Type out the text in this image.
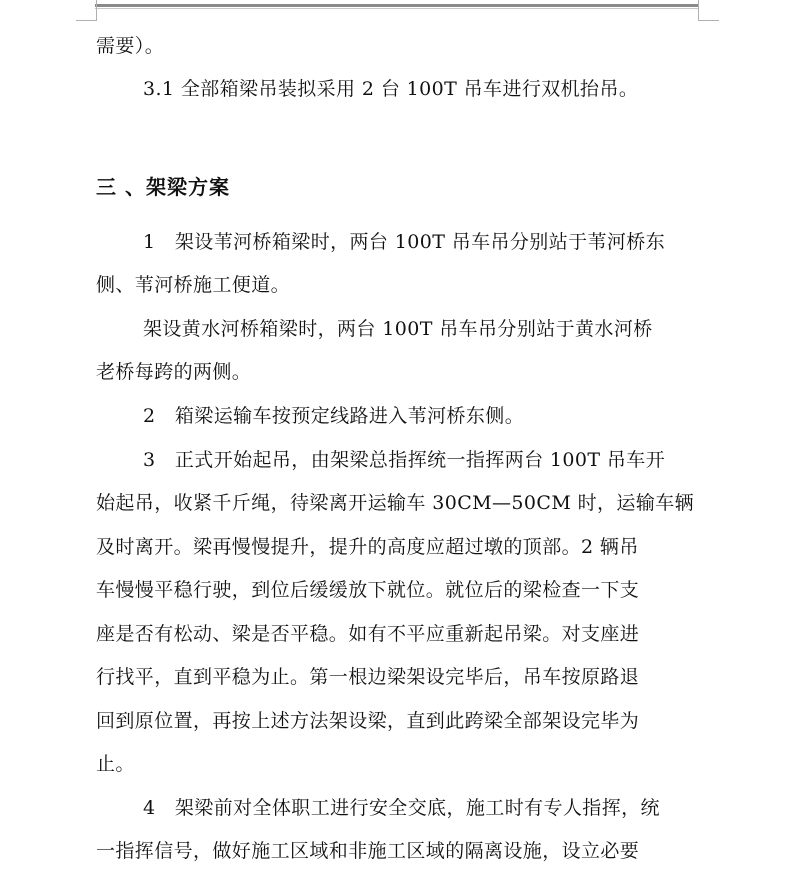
需要）。
3.1 全部箱梁吊装拟采用 2 台 100T 吊车进行双机抬吊。
三 、架梁方案
1　架设苇河桥箱梁时，两台 100T 吊车吊分别站于苇河桥东
侧、苇河桥施工便道。
架设黄水河桥箱梁时，两台 100T 吊车吊分别站于黄水河桥
老桥每跨的两侧。
2　箱梁运输车按预定线路进入苇河桥东侧。
3　正式开始起吊，由架梁总指挥统一指挥两台 100T 吊车开
始起吊，收紧千斤绳，待梁离开运输车 30CM—50CM 时，运输车辆
及时离开。梁再慢慢提升，提升的高度应超过墩的顶部。2 辆吊
车慢慢平稳行驶，到位后缓缓放下就位。就位后的梁检查一下支
座是否有松动、梁是否平稳。如有不平应重新起吊梁。对支座进
行找平，直到平稳为止。第一根边梁架设完毕后，吊车按原路退
回到原位置，再按上述方法架设梁，直到此跨梁全部架设完毕为
止。
4　架梁前对全体职工进行安全交底，施工时有专人指挥，统
一指挥信号，做好施工区域和非施工区域的隔离设施，设立必要
